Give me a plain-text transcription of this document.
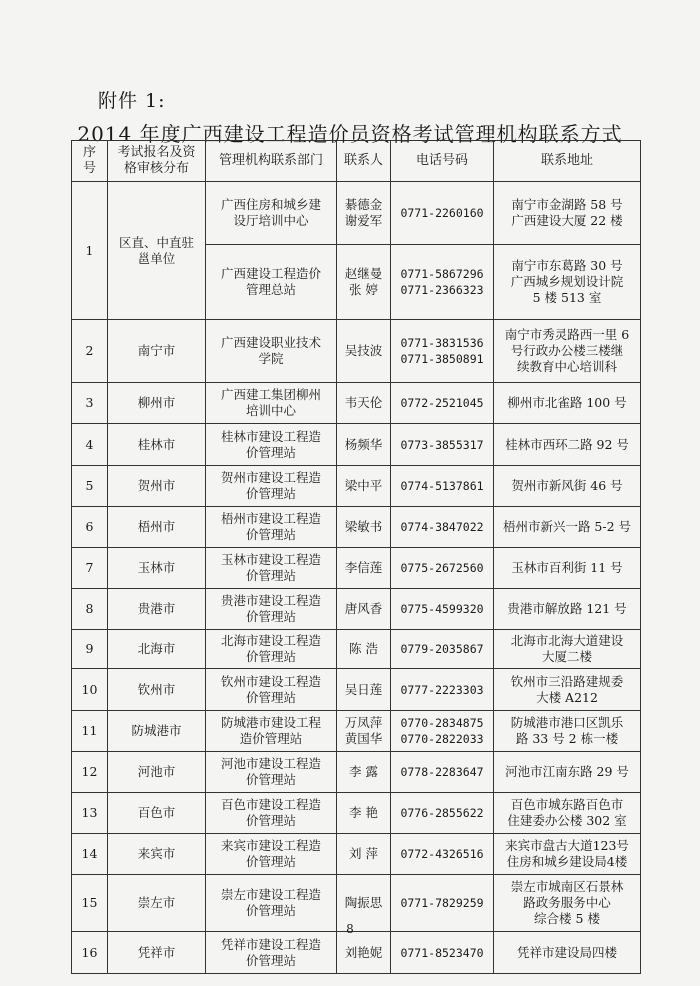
附件 1:
2014 年度广西建设工程造价员资格考试管理机构联系方式
序
号	考试报名及资
格审核分布	管理机构联系部门	联系人	电话号码	联系地址

1	区直、中直驻
邕单位	广西住房和城乡建
设厅培训中心	綦德金
谢爱军	0771-2260160	南宁市金湖路 58 号
广西建设大厦 22 楼

		广西建设工程造价
管理总站	赵继曼
张 婷	0771-5867296
0771-2366323	南宁市东葛路 30 号
广西城乡规划设计院
5 楼 513 室

2	南宁市	广西建设职业技术
学院	吴技波	0771-3831536
0771-3850891	南宁市秀灵路西一里 6
号行政办公楼三楼继
续教育中心培训科

3	柳州市	广西建工集团柳州
培训中心	韦天伦	0772-2521045	柳州市北雀路 100 号

4	桂林市	桂林市建设工程造
价管理站	杨频华	0773-3855317	桂林市西环二路 92 号

5	贺州市	贺州市建设工程造
价管理站	梁中平	0774-5137861	贺州市新风街 46 号

6	梧州市	梧州市建设工程造
价管理站	梁敏书	0774-3847022	梧州市新兴一路 5-2 号

7	玉林市	玉林市建设工程造
价管理站	李信莲	0775-2672560	玉林市百利街 11 号

8	贵港市	贵港市建设工程造
价管理站	唐风香	0775-4599320	贵港市解放路 121 号

9	北海市	北海市建设工程造
价管理站	陈 浩	0779-2035867	北海市北海大道建设
大厦二楼

10	钦州市	钦州市建设工程造
价管理站	吴日莲	0777-2223303	钦州市三沿路建规委
大楼 A212

11	防城港市	防城港市建设工程
造价管理站	万凤萍
黄国华	0770-2834875
0770-2822033	防城港市港口区凯乐
路 33 号 2 栋一楼

12	河池市	河池市建设工程造
价管理站	李 露	0778-2283647	河池市江南东路 29 号

13	百色市	百色市建设工程造
价管理站	李 艳	0776-2855622	百色市城东路百色市
住建委办公楼 302 室

14	来宾市	来宾市建设工程造
价管理站	刘 萍	0772-4326516	来宾市盘古大道123号
住房和城乡建设局4楼

15	崇左市	崇左市建设工程造
价管理站	陶振思	0771-7829259	崇左市城南区石景林
路政务服务中心
综合楼 5 楼

16	凭祥市	凭祥市建设工程造
价管理站	刘艳妮	0771-8523470	凭祥市建设局四楼
8
